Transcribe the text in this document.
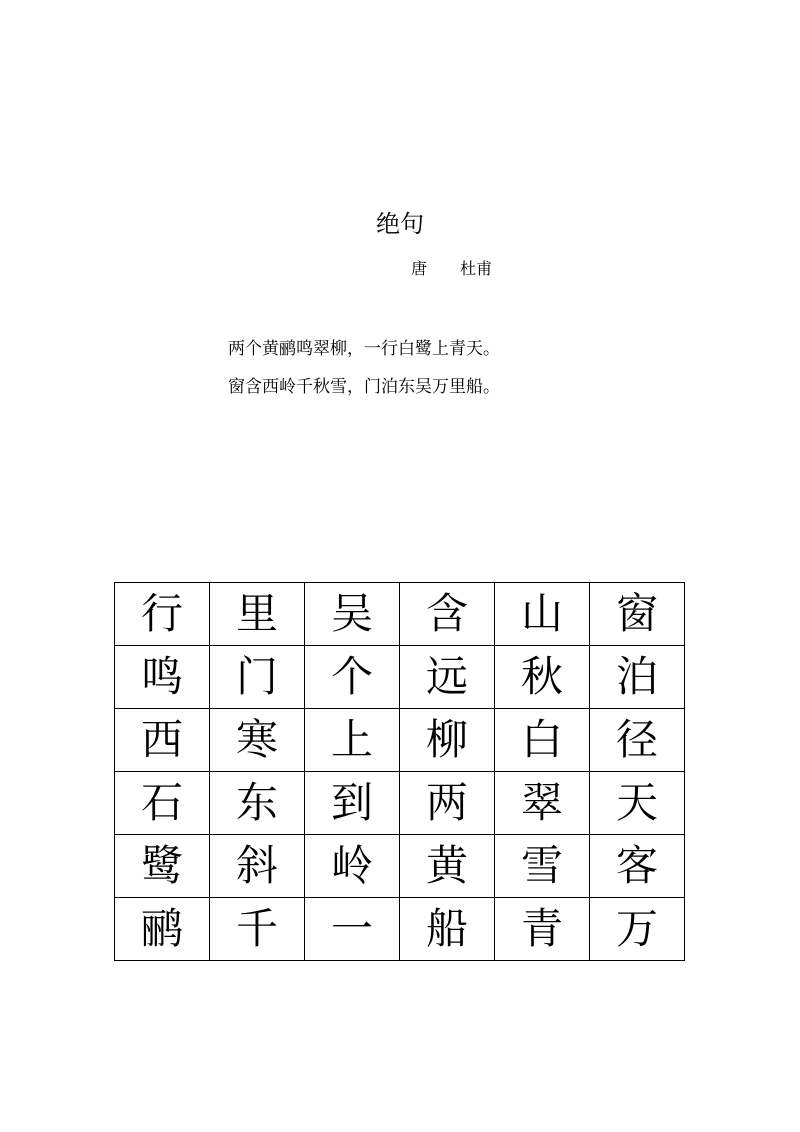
绝句
唐 杜甫
两个黄鹂鸣翠柳，一行白鹭上青天。
窗含西岭千秋雪，门泊东吴万里船。
行	里	吴	含	山	窗
鸣	门	个	远	秋	泊
西	寒	上	柳	白	径
石	东	到	两	翠	天
鹭	斜	岭	黄	雪	客
鹂	千	一	船	青	万
